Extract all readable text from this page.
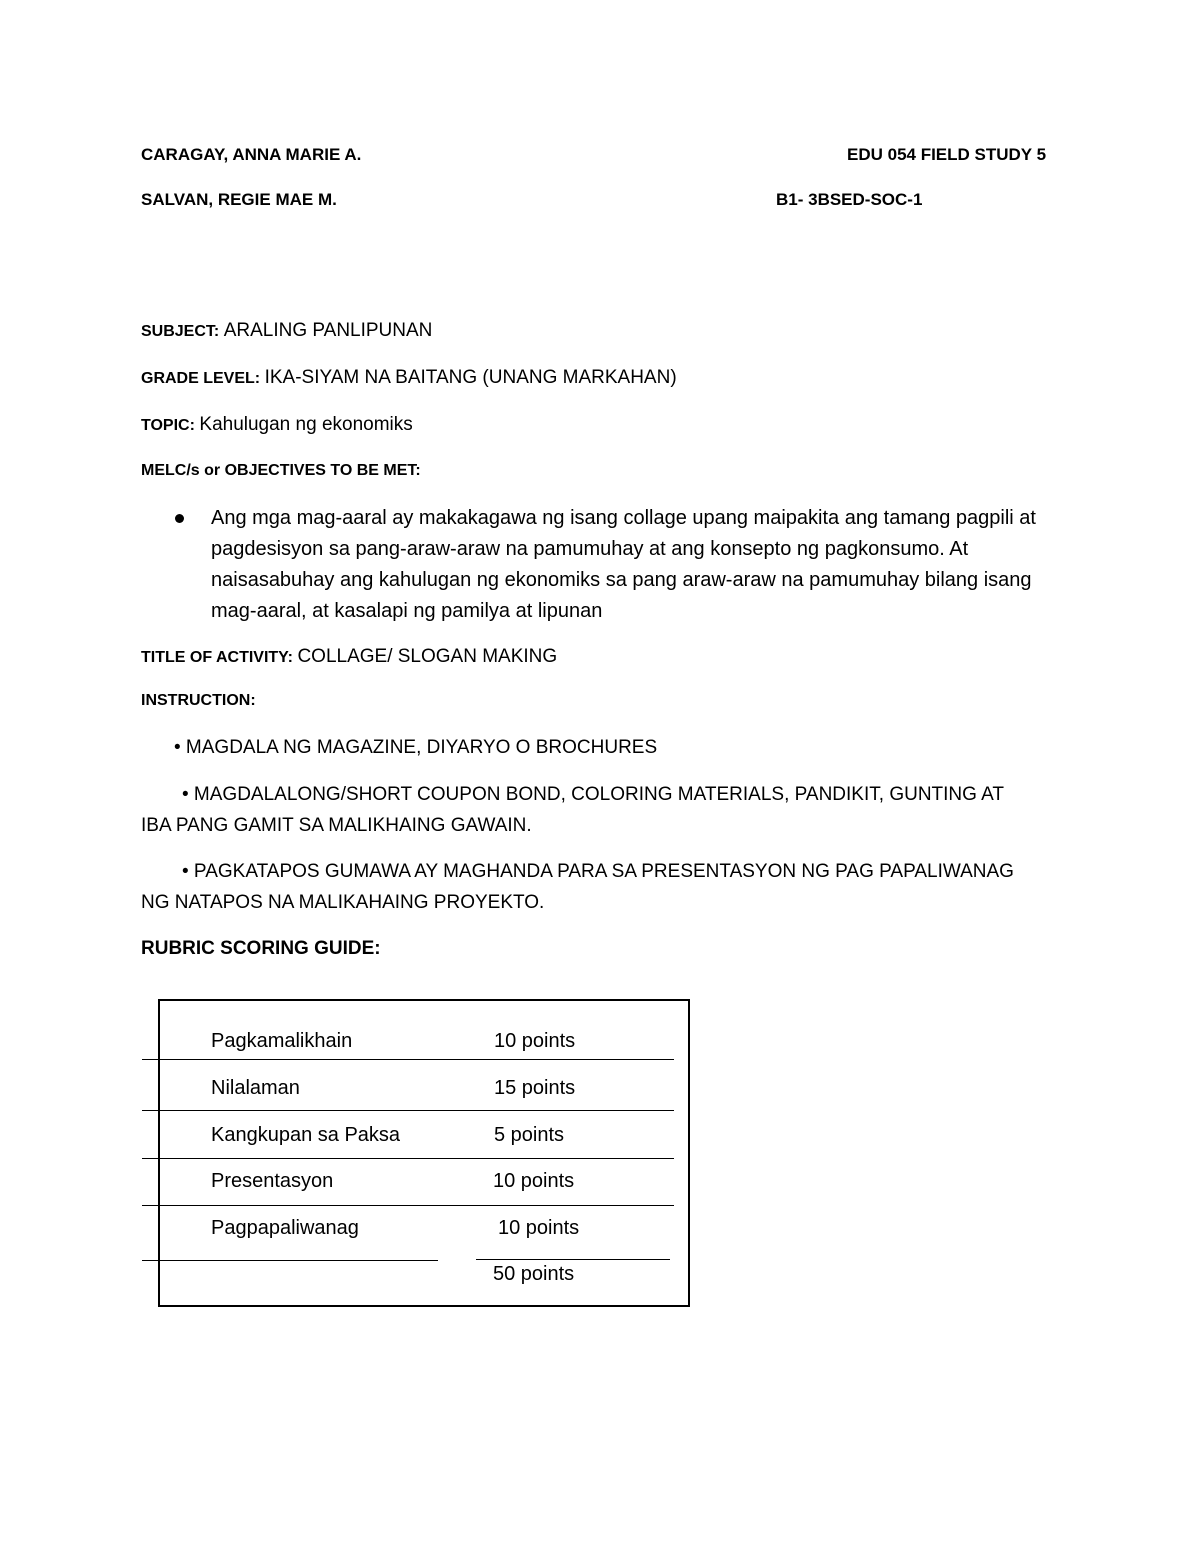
CARAGAY, ANNA MARIE A.	EDU 054 FIELD STUDY 5
SALVAN, REGIE MAE M.	B1- 3BSED-SOC-1
SUBJECT: ARALING PANLIPUNAN
GRADE LEVEL: IKA-SIYAM NA BAITANG (UNANG MARKAHAN)
TOPIC: Kahulugan ng ekonomiks
MELC/s or OBJECTIVES TO BE MET:
Ang mga mag-aaral ay makakagawa ng isang collage upang maipakita ang tamang pagpili at pagdesisyon sa pang-araw-araw na pamumuhay at ang konsepto ng pagkonsumo. At naisasabuhay ang kahulugan ng ekonomiks sa pang araw-araw na pamumuhay bilang isang mag-aaral, at kasalapi ng pamilya at lipunan
TITLE OF ACTIVITY: COLLAGE/ SLOGAN MAKING
INSTRUCTION:
• MAGDALA NG MAGAZINE, DIYARYO O BROCHURES
• MAGDALALONG/SHORT COUPON BOND, COLORING MATERIALS, PANDIKIT, GUNTING AT
IBA PANG GAMIT SA MALIKHAING GAWAIN.
• PAGKATAPOS GUMAWA AY MAGHANDA PARA SA PRESENTASYON NG PAG PAPALIWANAG
NG NATAPOS NA MALIKAHAING PROYEKTO.
RUBRIC SCORING GUIDE:
Pagkamalikhain	10 points
Nilalaman	15 points
Kangkupan sa Paksa	5 points
Presentasyon	10 points
Pagpapaliwanag	10 points
50 points
